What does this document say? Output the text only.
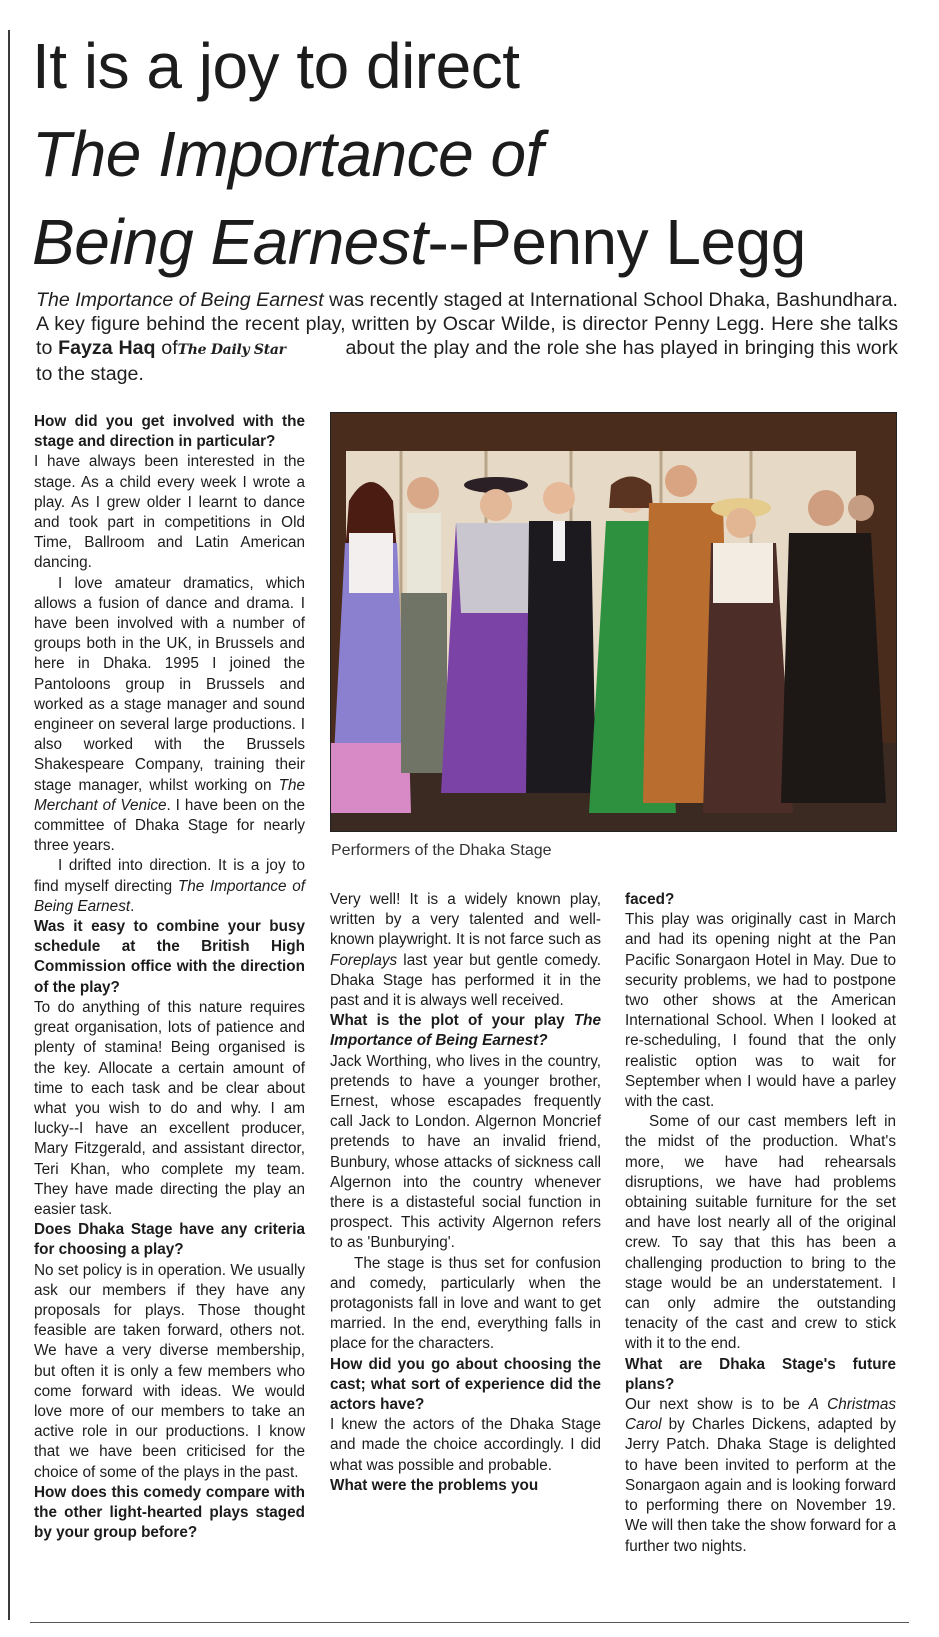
It is a joy to direct
The Importance of
Being Earnest--Penny Legg
The Importance of Being Earnest was recently staged at International School Dhaka, Bashundhara. A key figure behind the recent play, written by Oscar Wilde, is director Penny Legg. Here she talks to Fayza Haq ofThe Daily Star	about the play and the role she has played in bringing this work to the stage.

How did you get involved with the stage and direction in particular?

I have always been interested in the stage. As a child every week I wrote a play. As I grew older I learnt to dance and took part in competitions in Old Time, Ballroom and Latin American dancing.

I love amateur dramatics, which allows a fusion of dance and drama. I have been involved with a number of groups both in the UK, in Brussels and here in Dhaka. 1995 I joined the Pantoloons group in Brussels and worked as a stage manager and sound engineer on several large productions. I also worked with the Brussels Shakespeare Company, training their stage manager, whilst working on The Merchant of Venice. I have been on the committee of Dhaka Stage for nearly three years.

I drifted into direction. It is a joy to find myself directing The Importance of Being Earnest.

Was it easy to combine your busy schedule at the British High Commission office with the direction of the play?

To do anything of this nature requires great organisation, lots of patience and plenty of stamina! Being organised is the key. Allocate a certain amount of time to each task and be clear about what you wish to do and why. I am lucky--I have an excellent producer, Mary Fitzgerald, and assistant director, Teri Khan, who complete my team. They have made directing the play an easier task.

Does Dhaka Stage have any criteria for choosing a play?

No set policy is in operation. We usually ask our members if they have any proposals for plays. Those thought feasible are taken forward, others not. We have a very diverse membership, but often it is only a few members who come forward with ideas. We would love more of our members to take an active role in our productions. I know that we have been criticised for the choice of some of the plays in the past.

How does this comedy compare with the other light-hearted plays staged by your group before?

Performers of the Dhaka Stage

Very well! It is a widely known play, written by a very talented and well-known playwright. It is not farce such as Foreplays last year but gentle comedy. Dhaka Stage has performed it in the past and it is always well received.

What is the plot of your play The Importance of Being Earnest?

Jack Worthing, who lives in the country, pretends to have a younger brother, Ernest, whose escapades frequently call Jack to London. Algernon Moncrief pretends to have an invalid friend, Bunbury, whose attacks of sickness call Algernon into the country whenever there is a distasteful social function in prospect. This activity Algernon refers to as 'Bunburying'.

The stage is thus set for confusion and comedy, particularly when the protagonists fall in love and want to get married. In the end, everything falls in place for the characters.

How did you go about choosing the cast; what sort of experience did the actors have?

I knew the actors of the Dhaka Stage and made the choice accordingly. I did what was possible and probable.

What were the problems you

faced?

This play was originally cast in March and had its opening night at the Pan Pacific Sonargaon Hotel in May. Due to security problems, we had to postpone two other shows at the American International School. When I looked at re-scheduling, I found that the only realistic option was to wait for September when I would have a parley with the cast.

Some of our cast members left in the midst of the production. What's more, we have had rehearsals disruptions, we have had problems obtaining suitable furniture for the set and have lost nearly all of the original crew. To say that this has been a challenging production to bring to the stage would be an understatement. I can only admire the outstanding tenacity of the cast and crew to stick with it to the end.

What are Dhaka Stage's future plans?

Our next show is to be A Christmas Carol by Charles Dickens, adapted by Jerry Patch. Dhaka Stage is delighted to have been invited to perform at the Sonargaon again and is looking forward to performing there on November 19. We will then take the show forward for a further two nights.
